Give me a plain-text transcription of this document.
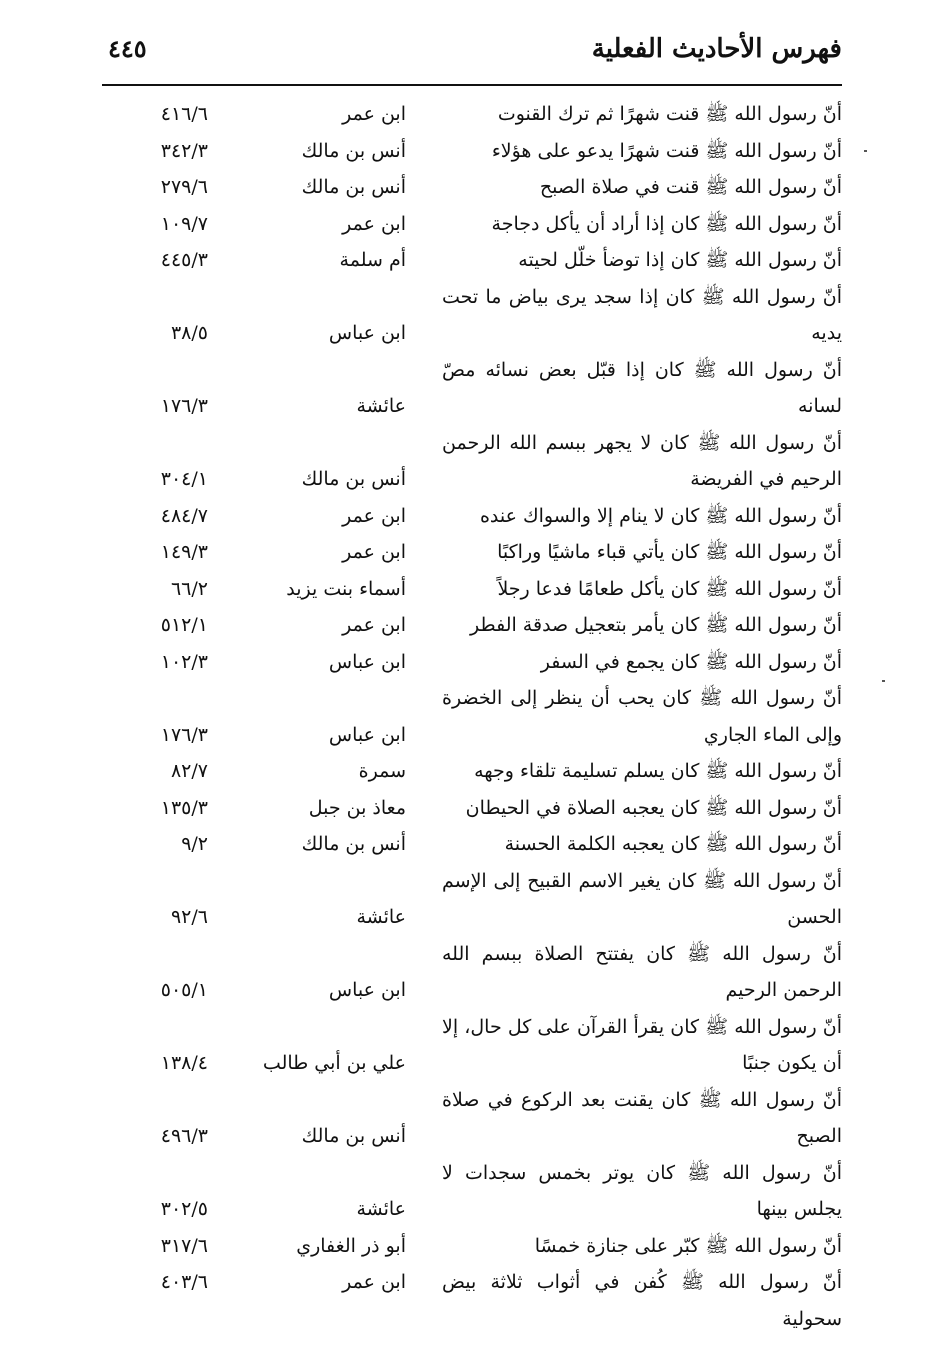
فهرس الأحاديث الفعلية
٤٤٥
أنّ رسول الله ﷺ قنت شهرًا ثم ترك القنوت
ابن عمر
٤١٦/٦
أنّ رسول الله ﷺ قنت شهرًا يدعو على هؤلاء
أنس بن مالك
٣٤٢/٣
أنّ رسول الله ﷺ قنت في صلاة الصبح
أنس بن مالك
٢٧٩/٦
أنّ رسول الله ﷺ كان إذا أراد أن يأكل دجاجة
ابن عمر
١٠٩/٧
أنّ رسول الله ﷺ كان إذا توضأ خلّل لحيته
أم سلمة
٤٤٥/٣
أنّ رسول الله ﷺ كان إذا سجد يرى بياض ما تحت يديه
ابن عباس
٣٨/٥
أنّ رسول الله ﷺ كان إذا قبّل بعض نسائه مصّ لسانه
عائشة
١٧٦/٣
أنّ رسول الله ﷺ كان لا يجهر ببسم الله الرحمن الرحيم في الفريضة
أنس بن مالك
٣٠٤/١
أنّ رسول الله ﷺ كان لا ينام إلا والسواك عنده
ابن عمر
٤٨٤/٧
أنّ رسول الله ﷺ كان يأتي قباء ماشيًا وراكبًا
ابن عمر
١٤٩/٣
أنّ رسول الله ﷺ كان يأكل طعامًا فدعا رجلاً
أسماء بنت يزيد
٦٦/٢
أنّ رسول الله ﷺ كان يأمر بتعجيل صدقة الفطر
ابن عمر
٥١٢/١
أنّ رسول الله ﷺ كان يجمع في السفر
ابن عباس
١٠٢/٣
أنّ رسول الله ﷺ كان يحب أن ينظر إلى الخضرة وإلى الماء الجاري
ابن عباس
١٧٦/٣
أنّ رسول الله ﷺ كان يسلم تسليمة تلقاء وجهه
سمرة
٨٢/٧
أنّ رسول الله ﷺ كان يعجبه الصلاة في الحيطان
معاذ بن جبل
١٣٥/٣
أنّ رسول الله ﷺ كان يعجبه الكلمة الحسنة
أنس بن مالك
٩/٢
أنّ رسول الله ﷺ كان يغير الاسم القبيح إلى الإسم الحسن
عائشة
٩٢/٦
أنّ رسول الله ﷺ كان يفتتح الصلاة ببسم الله الرحمن الرحيم
ابن عباس
٥٠٥/١
أنّ رسول الله ﷺ كان يقرأ القرآن على كل حال، إلا أن يكون جنبًا
علي بن أبي طالب
١٣٨/٤
أنّ رسول الله ﷺ كان يقنت بعد الركوع في صلاة الصبح
أنس بن مالك
٤٩٦/٣
أنّ رسول الله ﷺ كان يوتر بخمس سجدات لا يجلس بينها
عائشة
٣٠٢/٥
أنّ رسول الله ﷺ كبّر على جنازة خمسًا
أبو ذر الغفاري
٣١٧/٦
أنّ رسول الله ﷺ كُفن في أثواب ثلاثة بيض سحولية
ابن عمر
٤٠٣/٦
